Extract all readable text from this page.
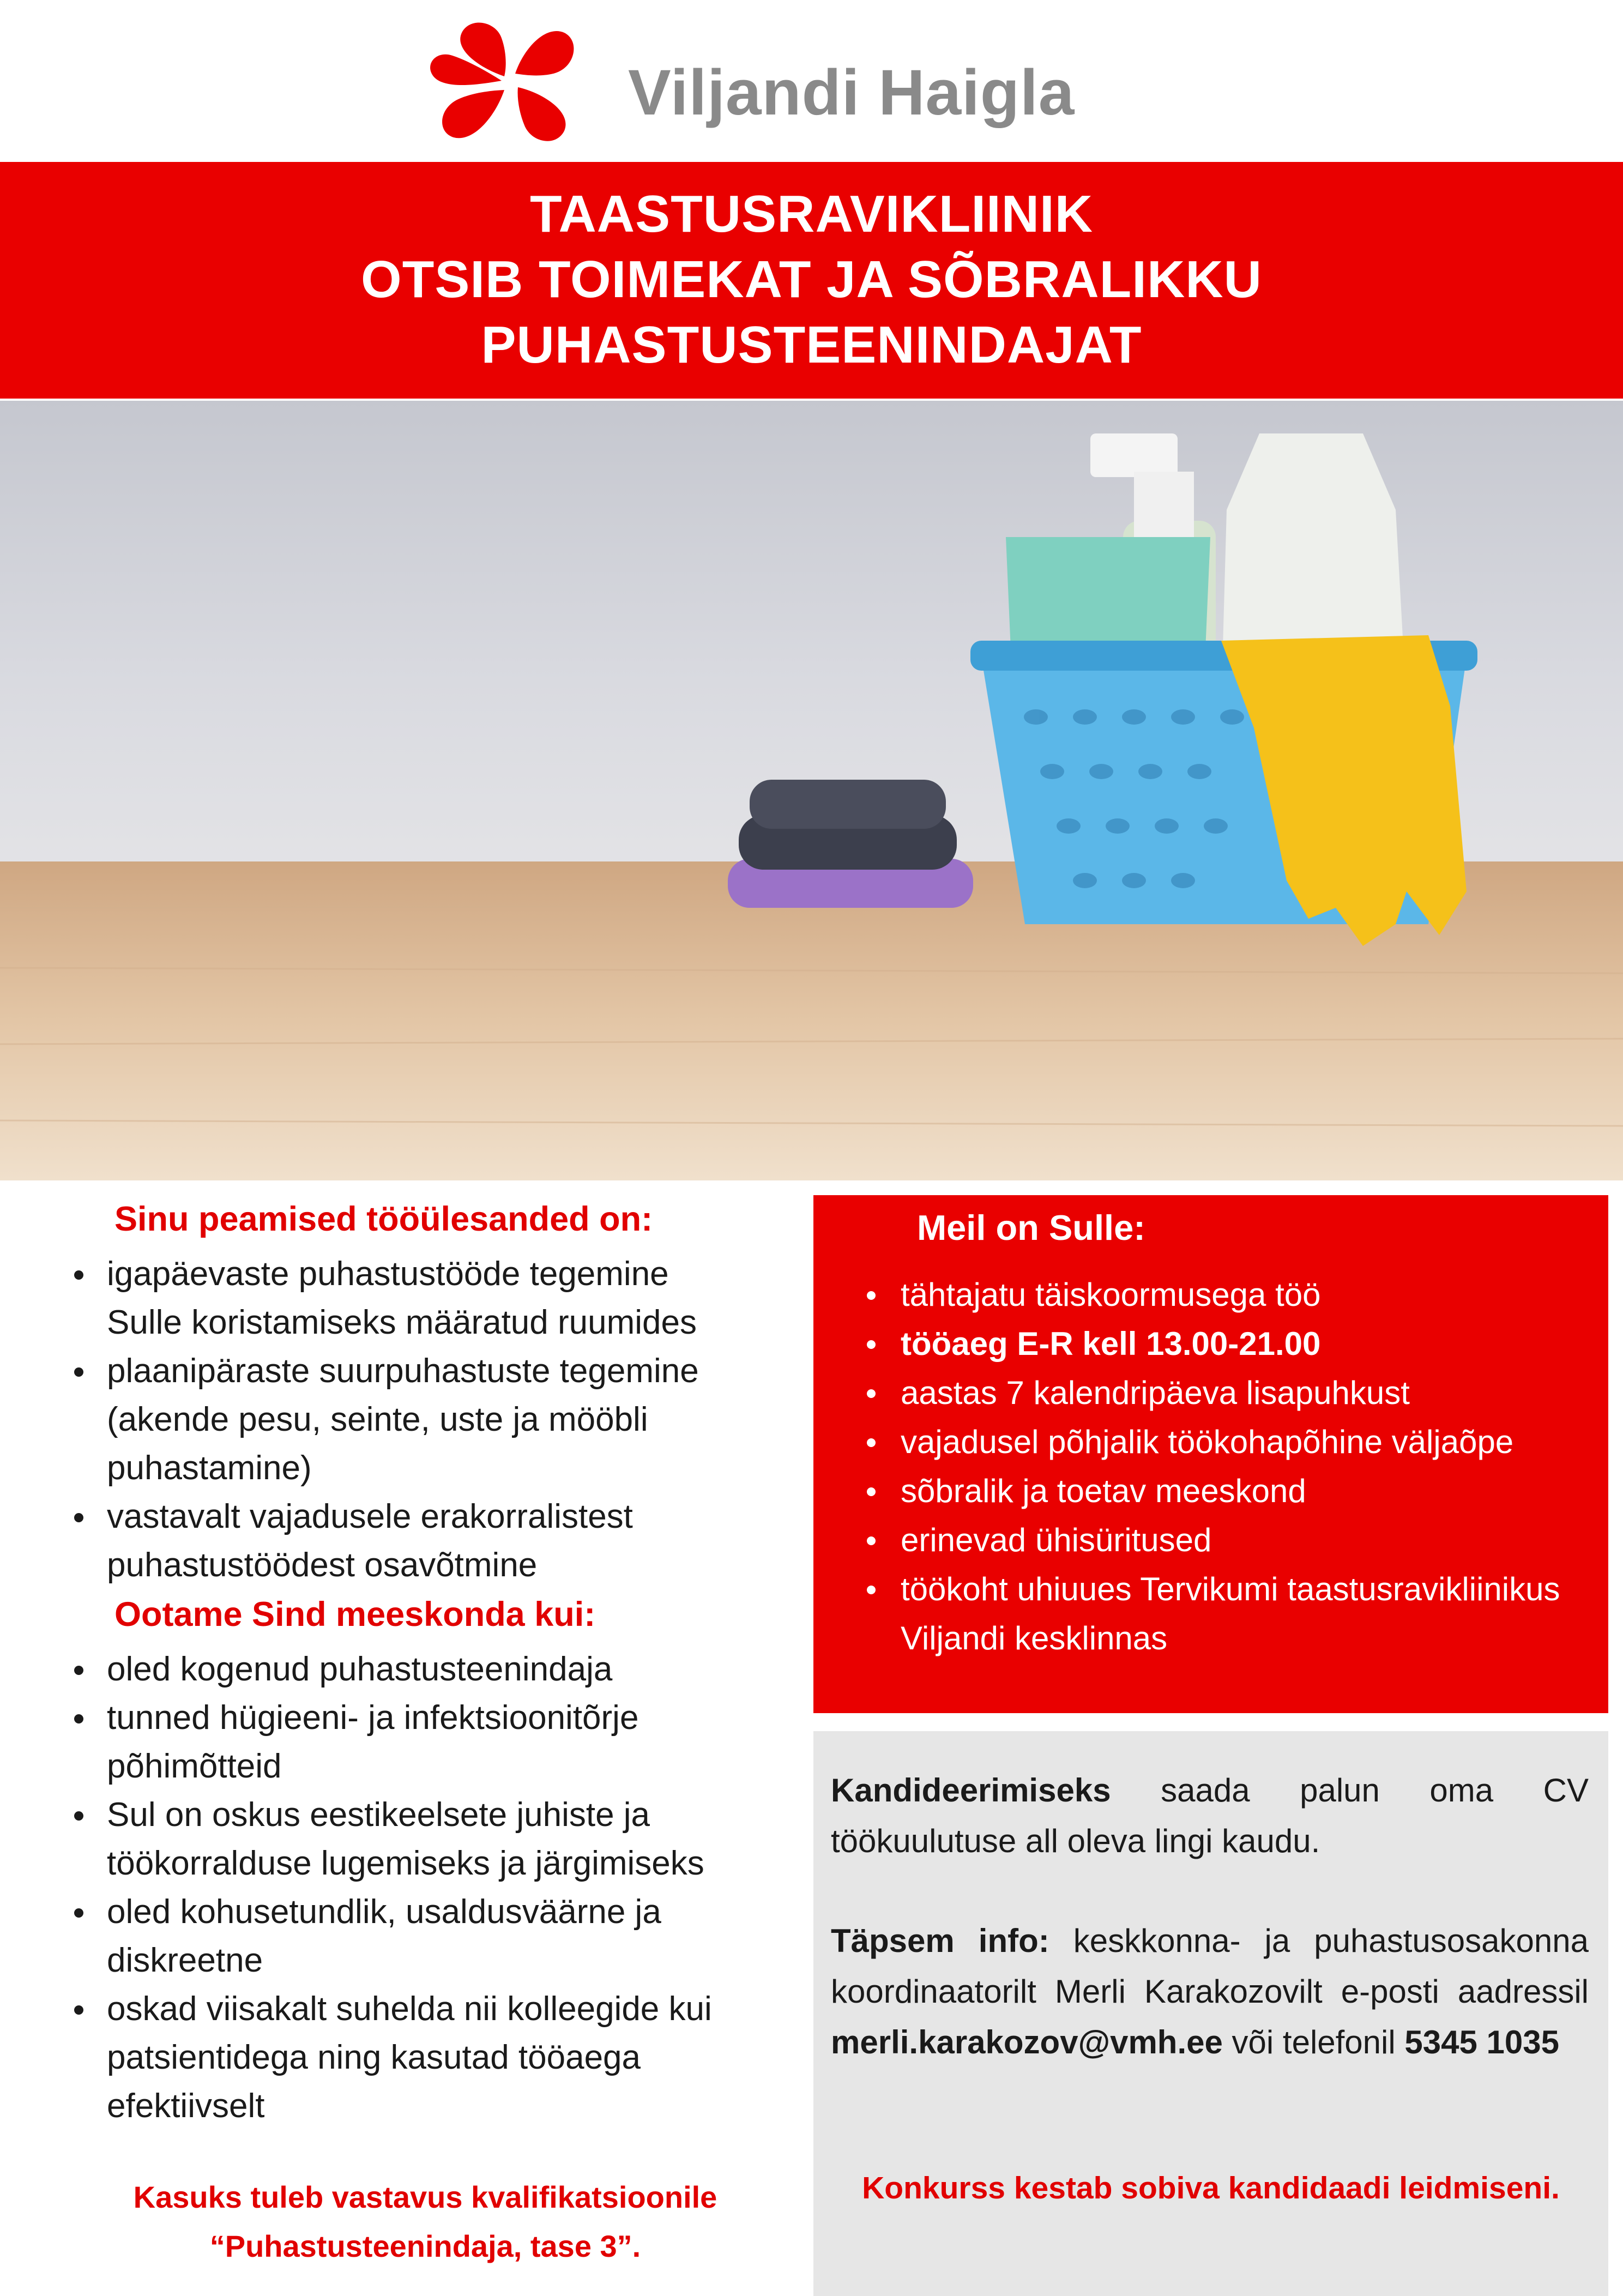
Viljandi Haigla
TAASTUSRAVIKLIINIK
OTSIB TOIMEKAT JA SÕBRALIKKU
PUHASTUSTEENINDAJAT
Sinu peamised tööülesanded on:
igapäevaste puhastustööde tegemine
Sulle koristamiseks määratud ruumides
plaanipäraste suurpuhastuste tegemine
(akende pesu, seinte, uste ja mööbli
puhastamine)
vastavalt vajadusele erakorralistest
puhastustöödest osavõtmine
Ootame Sind meeskonda kui:
oled kogenud puhastusteenindaja
tunned hügieeni- ja infektsioonitõrje
põhimõtteid
Sul on oskus eestikeelsete juhiste ja
töökorralduse lugemiseks ja järgimiseks
oled kohusetundlik, usaldusväärne ja
diskreetne
oskad viisakalt suhelda nii kolleegide kui
patsientidega ning kasutad tööaega
efektiivselt
Kasuks tuleb vastavus kvalifikatsioonile
“Puhastusteenindaja, tase 3”.
Meil on Sulle:
tähtajatu täiskoormusega töö
tööaeg E-R kell 13.00-21.00
aastas 7 kalendripäeva lisapuhkust
vajadusel põhjalik töökohapõhine väljaõpe
sõbralik ja toetav meeskond
erinevad ühisüritused
töökoht uhiuues Tervikumi taastusravikliinikus
Viljandi kesklinnas
Kandideerimiseks saada palun oma CV töökuulutuse all oleva lingi kaudu.
Täpsem info: keskkonna- ja puhastusosakonna koordinaatorilt Merli Karakozovilt e-posti aadressil merli.karakozov@vmh.ee või telefonil 5345 1035
Konkurss kestab sobiva kandidaadi leidmiseni.
